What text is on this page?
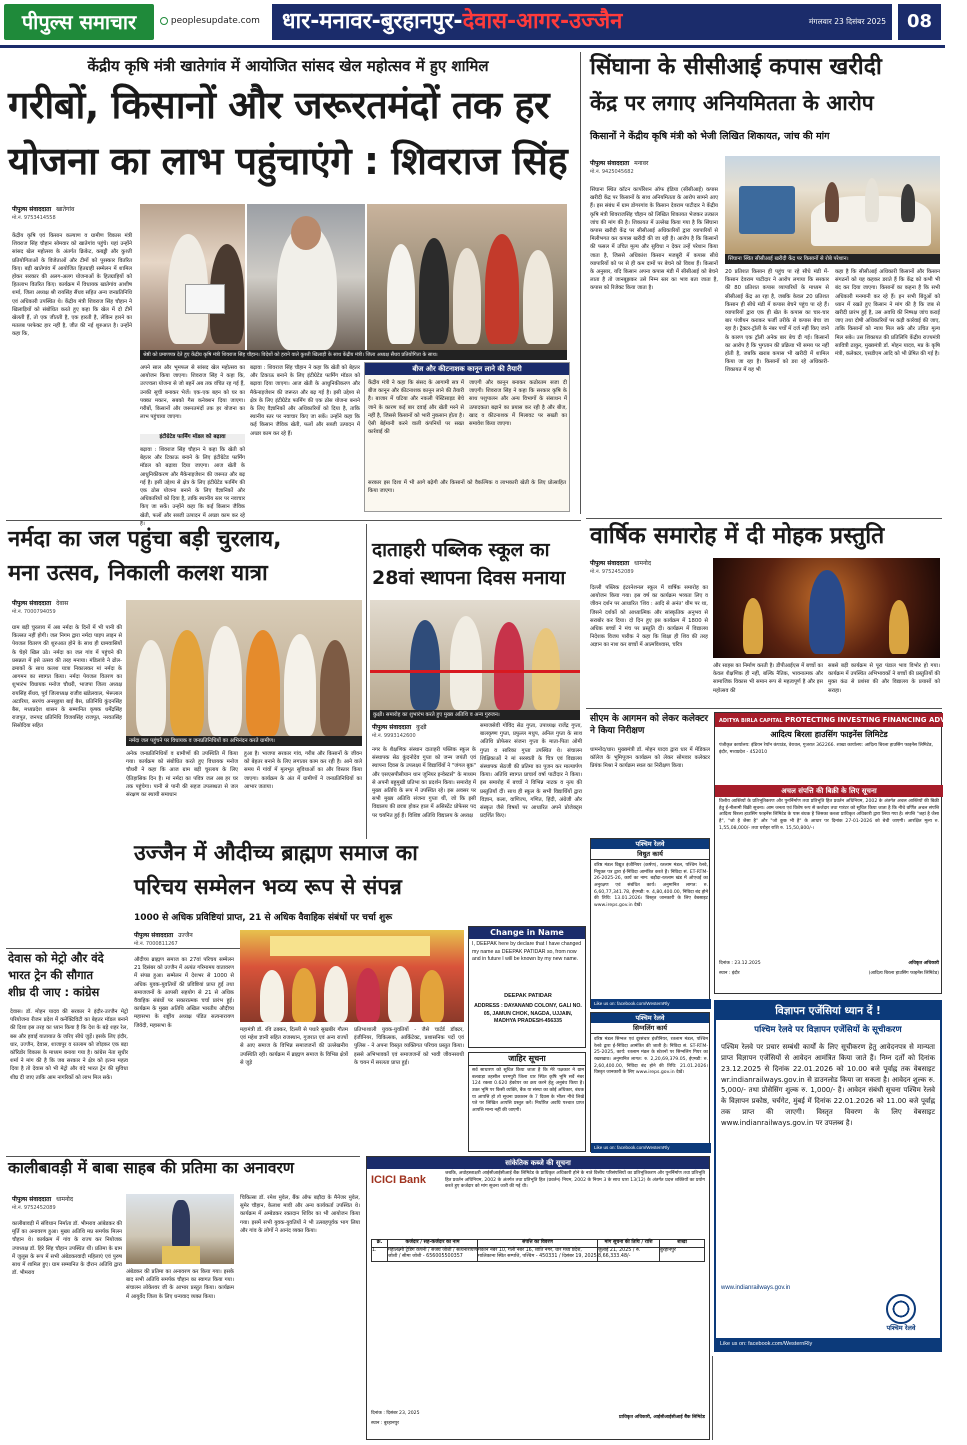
पीपुल्स समाचार	peoplesupdate.com	धार-मनावर-बुरहानपुर-देवास-आगर-उज्जैन	मंगलवार 23 दिसंबर 2025	08
केंद्रीय कृषि मंत्री खातेगांव में आयोजित सांसद खेल महोत्सव में हुए शामिल
गरीबों, किसानों और जरूरतमंदों तक हर
योजना का लाभ पहुंचाएंगे : शिवराज सिंह
पीपुल्स संवाददाता खातेगांव
मो.नं. 9753414558
केंद्रीय कृषि एवं किसान कल्याण व ग्रामीण विकास मंत्री शिवराज सिंह चौहान सोमवार को खातेगांव पहुंचे। यहां उन्होंने सांसद खेल महोत्सव के अंतर्गत क्रिकेट, कबड्डी और कुश्ती प्रतियोगिताओं के विजेताओं और टीमों को पुरस्कार वितरित किए। बड़ी खातेगांव में आयोजित हितग्राही सम्मेलन में शामिल होकर सरकार की अलग-अलग योजनाओं के हितग्राहियों को हितलाभ वितरित किए। कार्यक्रम में विधायक खातेगांव आशीष शर्मा, जिला अध्यक्ष श्री रायसिंह सैंधव सहित अन्य जनप्रतिनिधि एवं अधिकारी उपस्थित थे। केंद्रीय मंत्री शिवराज सिंह चौहान ने खिलाड़ियों को संबोधित करते हुए कहा कि खेल में दो टीमें खेलती हैं, तो एक जीतती है, एक हारती है, लेकिन हारने का मतलब परफेक्ट हार नहीं है, जीत की नई शुरुआत है। उन्होंने कहा कि,
श्रेष्ठी को प्रमाणपत्र देते हुए केंद्रीय कृषि मंत्री शिवराज सिंह चौहान। विदेशों को हराने वाले कुश्ती खिलाड़ी के साथ केंद्रीय मंत्री। जिला अध्यक्ष सैंधव प्रतियोगिता के साथ।
अपने साल और भूमफल से सांसद खेल महोत्सव का आयोजन किया जाएगा। शिवराज सिंह ने कहा कि, उज्ज्वला योजना से जो बहनें अब तक वंचित रह गई हैं, उनकी सूची बनाकर भेजें। एक-एक बहन को घर का पक्का मकान, सबको गैस कनेक्शन दिया जाएगा। गरीबों, किसानों और जरूरतमंदों तक हर योजना का लाभ पहुंचाया जाएगा।
इंटीग्रेटेड फार्मिंग मॉडल को बढ़ावा
बढ़ावा : शिवराज सिंह चौहान ने कहा कि खेती को बेहतर और टिकाऊ बनाने के लिए इंटीग्रेटेड फार्मिंग मॉडल को बढ़ावा दिया जाएगा। आज खेती के आधुनिकीकरण और मैकेनाइजेशन की जरूरत और बढ़ गई है। इसी उद्देश्य से क्षेत्र के लिए इंटीग्रेटेड फार्मिंग की एक ठोस योजना बनाने के लिए वैज्ञानिकों और अधिकारियों को दिया है, ताकि स्थानीय स्तर पर नवाचार किए जा सकें। उन्होंने कहा कि कई किसान जैविक खेती, फलों और सब्जी उत्पादन में अच्छा काम कर रहे हैं।
बढ़ावा : शिवराज सिंह चौहान ने कहा कि खेती को बेहतर और टिकाऊ बनाने के लिए इंटीग्रेटेड फार्मिंग मॉडल को बढ़ावा दिया जाएगा। आज खेती के आधुनिकीकरण और मैकेनाइजेशन की जरूरत और बढ़ गई है। इसी उद्देश्य से क्षेत्र के लिए इंटीग्रेटेड फार्मिंग की एक ठोस योजना बनाने के लिए वैज्ञानिकों और अधिकारियों को दिया है, ताकि स्थानीय स्तर पर नवाचार किए जा सकें। उन्होंने कहा कि कई किसान जैविक खेती, फलों और सब्जी उत्पादन में अच्छा काम कर रहे हैं।
बीज और कीटनाशक कानून लाने की तैयारी
केंद्रीय मंत्री ने कहा कि संसद के आगामी सत्र में बीज कानून और कीटनाशक कानून लाने की तैयारी है। बाजार में घटिया और नकली पेस्टिसाइड बेचे जाने के कारण कई बार दवाई और खेती मरने से नहीं है, जिससे किसानों को भारी नुकसान होता है। ऐसी बेईमानी करने वाली कंपनियों पर सख्त कार्रवाई की
जाएगी और कानून बनाकर कठोरतम सजा दी जाएगी। शिवराज सिंह ने कहा कि सरकार कृषि के साथ पशुपालन और अन्य विभागों के संसाधन में उत्पादकता बढ़ाने का प्रयास कर रही है और बीज, खाद व कीटनाशक में मिलावट पर सख्ती का समावेश किया जाएगा।
सरकार इस दिशा में भी आगे बढ़ेगी और किसानों को वैकल्पिक व लाभकारी खेती के लिए प्रोत्साहित किया जाएगा।
सिंघाना के सीसीआई कपास खरीदी
केंद्र पर लगाए अनियमितता के आरोप
किसानों ने केंद्रीय कृषि मंत्री को भेजी लिखित शिकायत, जांच की मांग
पीपुल्स संवाददाता मनावर
मो.नं. 9425045682
सिंघाना स्थित कॉटन कार्पोरेशन ऑफ इंडिया (सीसीआई) कपास खरीदी केंद्र पर किसानों के साथ अनियमितता के आरोप सामने आए हैं। इस संबंध में ग्राम डोगरगांव के किसान देवराम पाटीदार ने केंद्रीय कृषि मंत्री शिवराजसिंह चौहान को लिखित शिकायत भेजकर तत्काल जांच की मांग की है। शिकायत में उल्लेख किया गया है कि सिंघाना कपास खरीदी केंद्र पर सीसीआई अधिकारियों द्वारा व्यापारियों से मिलीभगत कर कपास खरीदी की जा रही है। आरोप है कि किसानों की फसल में उचित मूल्य और सुविधा न देकर उन्हें परेशान किया जाता है, जिससे अधिकांश किसान मजबूरी में कपास सीधे व्यापारियों को पर से ही कम दामों पर बेचने को विवश हैं। किसानों के अनुसार, यदि किसान अपना कपास मंडी में सीसीआई को बेचने लाता है तो जानबूझकर उसे निम्न स्तर का भाव बता जाता है, कपास को रिजेक्ट किया जाता है।
सिंघाना स्थित सीसीआई खरीदी केंद्र पर किसानों से रोबे परेशान।
20 प्रतिशत किसान ही पहुंच पा रहे सीधे मंडी में- किसान देवराम पाटीदार ने आरोप लगाया कि सरकार की 80 प्रतिशत कपास व्यापारियों के माध्यम से सीसीआई केंद्र आ रहा है, जबकि केवल 20 प्रतिशत किसान ही सीधे मंडी में कपास बेचने पहुंच पा रहे हैं। व्यापारियों द्वारा एक ही खेत के कपास का चार-चार बार पंजीयन कराकर फर्जी तरीके से कपास बेचा जा रहा है। ट्रैक्टर-ट्रॉली के नंबर पर्चों में दर्ज नहीं किए जाने के कारण एक ट्रॉली अनेक बार बेच दी गई। किसानों का आरोप है कि भुगतान की प्रक्रिया भी समय पर नहीं होती है, जबकि खराब कपास भी खरीदी में शामिल किया जा रहा है। किसानों को डरा रहे अधिकारी- शिकायत में यह भी
कहा है कि सीसीआई अधिकारी किसानों और किसान संगठनों को यह कहकर डराते हैं कि केंद्र को कभी भी बंद कर दिया जाएगा। किसानों का कहना है कि सभी अधिकारी मनमानी कर रहे हैं। इन सभी बिंदुओं को ध्यान में रखते हुए किसान ने मांग की है कि जब से खरीदी प्रारंभ हुई है, उस अवधि की निष्पक्ष जांच कराई जाए तथा दोषी अधिकारियों पर कड़ी कार्रवाई की जाए, ताकि किसानों को न्याय मिल सके और उचित मूल्य मिल सके। उस शिकायत की प्रतिलिपि केंद्रीय राज्यमंत्री सावित्री ठाकुर, मुख्यमंत्री डॉ. मोहन यादव, मप्र के कृषि मंत्री, कलेक्टर, एसडीएम आदि को भी प्रेषित की गई है।
वार्षिक समारोह में दी मोहक प्रस्तुति
पीपुल्स संवाददाता धामनोद
मो.नं. 9752452089
दिल्ली पब्लिक इंटरनेशनल स्कूल में वार्षिक समारोह का आयोजन किया गया। इस वर्ष का कार्यक्रम भव्यता लिए व जीवन दर्शन पर आधारित 'शिव : आदि से अनंत' थीम पर था, जिसने दर्शकों को आध्यात्मिक और सांस्कृतिक अनुभव से सराबोर कर दिया। दो दिन हुए इस कार्यक्रम में 1800 से अधिक बच्चों ने मंच पर प्रस्तुति दी। कार्यक्रम में विद्यालय निदेशक विजय पारीक ने कहा कि शिक्षा ही शिव की तरह अज्ञान का नाश कर बच्चों में आत्मविश्वास, चरित्र
और साहस का निर्माण करती है। डीपीआईएस में बच्चों का केवल शैक्षणिक ही नहीं, बल्कि नैतिक, भावनात्मक और सामाजिक विकास भी समान रूप से महत्वपूर्ण है और इस महोत्सव की
सबसे बड़ी कार्यक्रम से पूरा पंडाल भाव विभोर हो गया। कार्यक्रम में उपस्थित अभिभावकों ने बच्चों की प्रस्तुतियों की मुक्त कंठ से प्रशंसा की और विद्यालय के प्रयासों को सराहा।
नर्मदा का जल पहुंचा बड़ी चुरलाय,
मना उत्सव, निकाली कलश यात्रा
पीपुल्स संवाददाता देवास
मो.नं. 7000794059
ग्राम बड़ी चुरलाय में अब नर्मदा के दिनों में भी पानी की किल्लत नहीं होगी। जल निगम द्वारा नर्मदा पाइप लाइन से पेयजल वितरण की शुरुआत होने के साथ ही ग्रामवासियों के चेहरे खिल उठे। नर्मदा का जल गांव में पहुंचने की प्रसन्नता में इसे उत्सव की तरह मनाया। मंडिलांवे ने ढोल-ढमाकों के साथ कलश यात्रा निकालकर मां नर्मदा के आगमन का स्वागत किया। नर्मदा पेयजल वितरण का शुभारंभ विधायक मनोज चौधरी, भाजपा जिला अध्यक्ष रायसिंह सैंधव, पूर्व जिलाध्यक्ष राजीव खंडेलवाल, भेरूलाल अटारिया, सरपंच अनसूइया बाई बैस, प्रतिनिधि कुंदनसिंह बैस, मध्यप्रदेश शासन के सम्मानित कृषक धर्मेंद्रसिंह राजपूत, जनपद प्रतिनिधि विजयसिंह राजपूत, नरवतसिंह सिसोदिया सहित
नर्मदा जल पहुंचने पर विधायक व जनप्रतिनिधियों का अभिनंदन करते ग्रामीण।
अनेक जनप्रतिनिधियों व ग्रामीणों की उपस्थिति में किया गया। कार्यक्रम को संबोधित करते हुए विधायक मनोज चौधरी ने कहा कि आज ग्राम बड़ी चुरलाय के लिए ऐतिहासिक दिन है। मां नर्मदा का पवित्र जल अब हर घर तक पहुंचेगा। पानी से पानी की सहज उपलब्धता से जल संरक्षण का स्थायी समाधान
हुआ है। भाजपा सरकार गांव, गरीब और किसानों के जीवन को बेहतर बनाने के लिए लगातार काम कर रही है। आने वाले समय में गांवों में मूलभूत सुविधाओं का और विस्तार किया जाएगा। कार्यक्रम के अंत में ग्रामीणों ने जनप्रतिनिधियों का आभार जताया।
दाताहरी पब्लिक स्कूल का
28वां स्थापना दिवस मनाया
कुक्षी। समारोह का शुभारंभ करते हुए मुख्य अतिथि व अन्य गुरुजन।
पीपुल्स संवाददाता कुक्षी
मो.नं. 9993142600
नगर के शैक्षणिक संस्थान दाताहरी पब्लिक स्कूल के संस्थापक सेठ कुंदनोदेव गुप्ता को जन्म जयंती एवं स्थापना दिवस के उपलक्ष्य में विद्यार्थियों ने "जंगल बुक" और एसएसपीसीयान थान जूनियर इन्वेस्टर्स" के माध्यम से अपनी बहुमुखी प्रतिभा का प्रदर्शन किया। समारोह में मुख्य अतिथि के रूप में उपस्थित रहे। इस अवसर पर सभी मुख्य अतिथि संजना गुप्ता थीं, जो कि इसी विद्यालय की छात्रा होकर हाल में असिस्टेंट प्रोफेसर पद पर चयनित हुई हैं। विशिष्ट अतिथि विद्यालय के अध्यक्ष
समाजसेवी गोविंद सेठ गुप्ता, उपाध्यक्ष राजेंद्र गुप्ता, बालकृष्ण गुप्ता, प्रफुल्ल मधुप, अनिल गुप्ता के साथ अतिथि प्रोफेसर संजना गुप्ता के माता-पिता ओमी गुप्ता व सारिका गुप्ता उपस्थित थे। संचालन शिक्षिकाओं ने मां सरस्वती के चित्र एवं विद्यालय संस्थापक सेठजी की प्रतिमा का पूजन कर माल्यार्पण किया। अतिथि स्वागत प्राचार्य वर्षा पाटीदार ने किया। इस समारोह में बच्चों ने विभिन्न नाटक व नृत्य की प्रस्तुतियाँ दीं। साथ ही स्कूल के सभी विद्यार्थियों द्वारा विज्ञान, कला, वाणिज्य, गणित, हिंदी, अंग्रेजी और संस्कृत जैसे विषयों पर आधारित अपने प्रोजेक्ट्स प्रदर्शित किए।
सीएम के आगमन को लेकर कलेक्टर ने किया निरीक्षण
धामनोद/धार। मुख्यमंत्री डॉ. मोहन यादव द्वारा धार में मेडिकल कॉलेज के भूमिपूजन कार्यक्रम को लेकर सोमवार कलेक्टर प्रियंक मिश्रा ने कार्यक्रम स्थल का निरीक्षण किया।
ADITYA BIRLA CAPITAL PROTECTING INVESTING FINANCING ADVISING
आदित्य बिरला हाउसिंग फाइनेंस लिमिटेड
पंजीकृत कार्यालय: इंडियन रेयॉन कंपाउंड, वेरावल, गुजरात 362266. शाखा कार्यालय: आदित्य बिरला हाउसिंग फाइनेंस लिमिटेड, इंदौर, मध्यप्रदेश - 452010
अचल संपत्ति की बिक्री के लिए सूचना
वित्तीय आस्तियों के प्रतिभूतिकरण और पुनर्निर्माण तथा प्रतिभूति हित प्रवर्तन अधिनियम, 2002 के अंतर्गत अचल आस्तियों की बिक्री हेतु ई-नीलामी बिक्री सूचना। आम जनता एवं विशेष रूप से कर्जदार तथा गारंटर को सूचित किया जाता है कि नीचे वर्णित अचल संपत्ति आदित्य बिरला हाउसिंग फाइनेंस लिमिटेड के पास बंधक है जिसका कब्जा प्राधिकृत अधिकारी द्वारा लिया गया है। संपत्ति "जहां है जैसा है", "जो है जैसा है" और "जो कुछ भी है" के आधार पर दिनांक 27-01-2026 को बेची जाएगी। आरक्षित मूल्य रु. 1,55,08,000/- तथा धरोहर राशि रु. 15,50,800/-।
दिनांक : 23.12.2025
स्थान : इंदौर
अधिकृत अधिकारी
(आदित्य बिरला हाउसिंग फाइनेंस लिमिटेड)
देवास को मेट्रो और वंदे
भारत ट्रेन की सौगात
शीघ्र दी जाए : कांग्रेस
देवास। डॉ. मोहन यादव की सरकार ने इंदौर-उज्जैन मेट्रो परियोजना रीजन प्रदेश में कनेक्टिविटी का बेहतर मॉडल बनाने की दिशा इस तरह का ध्यान किया है कि देश के बड़े शहर रेल, बस और हवाई यातायात के जरिए सीधे जुड़ें। इसके लिए इंदौर, धार, उज्जैन, देवास, शाजापुर व रतलाम को जोड़कर एक बड़ा कॉरिडोर विकास के माध्यम बनाया गया है। कांग्रेस नेता सुधीर शर्मा ने मांग की है कि जब सरकार ने क्षेत्र को इतना महत्व दिया है तो देवास को भी मेट्रो और वंदे भारत ट्रेन की सुविधा शीघ्र दी जाए ताकि आम नागरिकों को लाभ मिल सके।
उज्जैन में औदीच्य ब्राह्मण समाज का
परिचय सम्मेलन भव्य रूप से संपन्न
1000 से अधिक प्रविष्टियां प्राप्त, 21 से अधिक वैवाहिक संबंधों पर चर्चा शुरू
पीपुल्स संवाददाता उज्जैन
मो.नं. 7000811267
औदीच्य ब्राह्मण समाज का 27वां परिचय सम्मेलन 21 दिसंबर को उज्जैन में अत्यंत गरिमामय वातावरण में संपन्न हुआ। सम्मेलन में देशभर से 1000 से अधिक युवक-युवतियों की प्रविष्टियां प्राप्त हुईं तथा समाजजनों के आपसी सहयोग से 21 से अधिक वैवाहिक संबंधों पर सकारात्मक चर्चा प्रारंभ हुई। कार्यक्रम के मुख्य अतिथि अखिल भारतीय औदीच्य महासभा के राष्ट्रीय अध्यक्ष पंडित सत्यनारायण जिवेदी, महासभा के
महामंत्री डॉ. रवि ठक्कर, दिल्ली से पधारे सुखबीर गौतम एवं महेश ज्ञानी सहित राजस्थान, गुजरात एवं अन्य राज्यों से आए समाज के विभिन्न समाजजनों की उल्लेखनीय उपस्थिति रही। कार्यक्रम में ब्राह्मण समाज के विभिन्न क्षेत्रों से जुड़े
प्रतिभाशाली युवक-युवतियों - जैसे चार्टर्ड डॉक्टर, इंजीनियर, चिकित्सक, आर्किटेक्ट, प्रशासनिक पदों एवं पुलिस - ने अपना विस्तृत व्यक्तिगत परिचय प्रस्तुत किया। इससे अभिभावकों एवं समाजजनों को भावी जीवनसाथी के चयन में सरलता प्राप्त हुई।
Change in Name
I, DEEPAK here by declare that I have changed my name as DEEPAK PATIDAR so, from now and in future I will be known by my new name.
DEEPAK PATIDAR
ADDRESS : DAYANAND COLONY, GALI NO. 05, JAMUN CHOK, NAGDA, UJJAIN, MADHYA PRADESH-456335
जाहिर सूचना
सर्व साधारण को सूचित किया जाता है कि मेरे पक्षकार ने ग्राम बलवाड़ा तहसील धरमपुरी जिला धार स्थित कृषि भूमि सर्वे नंबर 124 रकबा 0.620 हेक्टेयर का क्रय करने हेतु अनुबंध किया है। उक्त भूमि पर किसी व्यक्ति, बैंक या संस्था का कोई अधिकार, बंधक या आपत्ति हो तो सूचना प्रकाशन के 7 दिवस के भीतर नीचे लिखे पते पर लिखित आपत्ति प्रस्तुत करें। निर्धारित अवधि पश्चात प्राप्त आपत्ति मान्य नहीं की जाएगी।
पश्चिम रेलवे
विधुत कार्य
वरिष्ठ मंडल विद्युत इंजीनियर (कर्षण), रतलाम मंडल, पश्चिम रेलवे, नियुक्त पत्र द्वारा ई-निविदा आमंत्रित करते हैं। निविदा सं. ET-RTM-26-2025-26, कार्य का नाम: बड़ौदा-रतलाम खंड में ओएचई का अनुरक्षण एवं संबंधित कार्य। अनुमानित लागत: रु. 6,60,77,341.78, ईएमडी: रु. 4,80,400.00, निविदा बंद होने की तिथि: 13.01.2026। विस्तृत जानकारी के लिए वेबसाइट www.ireps.gov.in देखें।
Like us on: facebook.com/WesternRly
पश्चिम रेलवे
सिग्नलिंग कार्य
वरिष्ठ मंडल सिग्नल एवं दूरसंचार इंजीनियर, रतलाम मंडल, पश्चिम रेलवे द्वारा ई-निविदा आमंत्रित की जाती है। निविदा सं. ST-RTM-25-2025, कार्य: रतलाम मंडल के स्टेशनों पर सिग्नलिंग गियर का रखरखाव। अनुमानित लागत: रु. 2,20,69,379.05, ईएमडी: रु. 2,60,400.00, निविदा बंद होने की तिथि: 21.01.2026। विस्तृत जानकारी के लिए www.ireps.gov.in देखें।
Like us on: facebook.com/WesternRly
विज्ञापन एजेंसियां ध्यान दें !
पश्चिम रेलवे पर विज्ञापन एजेंसियों के सूचीकरण
पश्चिम रेलवे पर प्रचार सम्बंधी कार्यों के लिए सूचीकरण हेतु आवेदनपत्र से मान्यता प्राप्त विज्ञापन एजेंसियों से आवेदन आमंत्रित किया जाते हैं। निम्न दर्तों को दिनांक 23.12.2025 से दिनांक 22.01.2026 को 10.00 बजे पूर्वाह्न तक वेबसाइट wr.indianrailways.gov.in से डाउनलोड किया जा सकता है। आवेदन शुल्क रु. 5,000/- तथा प्रोसेसिंग शुल्क रु. 1,000/- है। आवेदन संबंधी सूचना पश्चिम रेलवे के विज्ञापन प्रकोष्ठ, चर्चगेट, मुंबई में दिनांक 22.01.2026 को 11.00 बजे पूर्वाह्न तक प्राप्त की जाएगी। विस्तृत विवरण के लिए वेबसाइट www.indianrailways.gov.in पर उपलब्ध है।
www.indianrailways.gov.in
पश्चिम रेलवे
Like us on: facebook.com/WesternRly
कालीबावड़ी में बाबा साहब की प्रतिमा का अनावरण
पीपुल्स संवाददाता धामनोद
मो.नं. 9752452089
कालीबावड़ी में संविधान निर्माता डॉ. भीमराव आंबेडकर की मूर्ति का अनावरण हुआ। मुख्य अतिथि मप्र समर्पक मिलन चौहान थे। कार्यक्रम में गांव के राज्य कर नियोजक उपाध्यक्ष डॉ. हिरे सिंह चौहान उपस्थित थीं। प्रतिमा के ग्राम में जुलूस के रूप में सभी अंबेडकरवादी महिलाएं एवं पुरुष साथ में शामिल हुए। ग्राम सम्मानित के दौरान अतिथि द्वारा डॉ. भीमराव
चिकित्सा डॉ. रमेश मुवेल, बैंक ऑफ बड़ौदा के मैनेजर मुवेल, सुमेर चौहान, केलाश मावी और अन्य कार्यकर्ता उपस्थित थे। कार्यक्रम में अम्बेडकर रक्तदान शिविर का भी आयोजन किया गया। इसमें सभी युवक-युवतियों ने भी उत्साहपूर्वक भाग लिया और गांव के लोगों ने आनंद व्यक्त किया।
अंबेडकर की प्रतिमा का अनावरण कर किया गया। इसके बाद सभी अतिथि समर्पक चौहान का स्वागत किया गया। संचालन लोकेश्वर जी के आभार प्रस्तुत किया। कार्यक्रम में आयुर्वेद जिला के लिए धन्यवाद व्यक्त किया।
सांकेतिक कब्जे की सूचना
ICICI Bank
जबकि, अधोहस्ताक्षरी आईसीआईसीआई बैंक लिमिटेड के प्राधिकृत अधिकारी होने के नाते वित्तीय परिसंपत्तियों का प्रतिभूतिकरण और पुनर्निर्माण तथा प्रतिभूति हित प्रवर्तन अधिनियम, 2002 के अंतर्गत तथा प्रतिभूति हित (प्रवर्तन) नियम, 2002 के नियम 3 के साथ धारा 13(12) के अंतर्गत प्रदत्त शक्तियों का प्रयोग करते हुए कर्जदार को मांग सूचना जारी की गई थी।
क्र.	कर्जदार / सह-कर्जदार का नाम	संपत्ति का विवरण	मांग सूचना की तिथि / राशि	शाखा
1.	महालक्ष्मी ट्रेडिंग कंपनी / संजय जोशी / सत्यनारायण जोशी / सीमा जोशी - 656005500357	मकान नंबर 10, गली नंबर 16, शांति नगर, धार मध्य प्रदेश, मालिकाना स्थित सम्पत्ति, पश्चिम - 450331 / दिसंबर 19, 2025	जुलाई 21, 2025 / रु. 8,66,333.48/-	बुरहानपुर
दिनांक : दिसंबर 23, 2025
स्थान : बुरहानपुर
प्राधिकृत अधिकारी, आईसीआईसीआई बैंक लिमिटेड
